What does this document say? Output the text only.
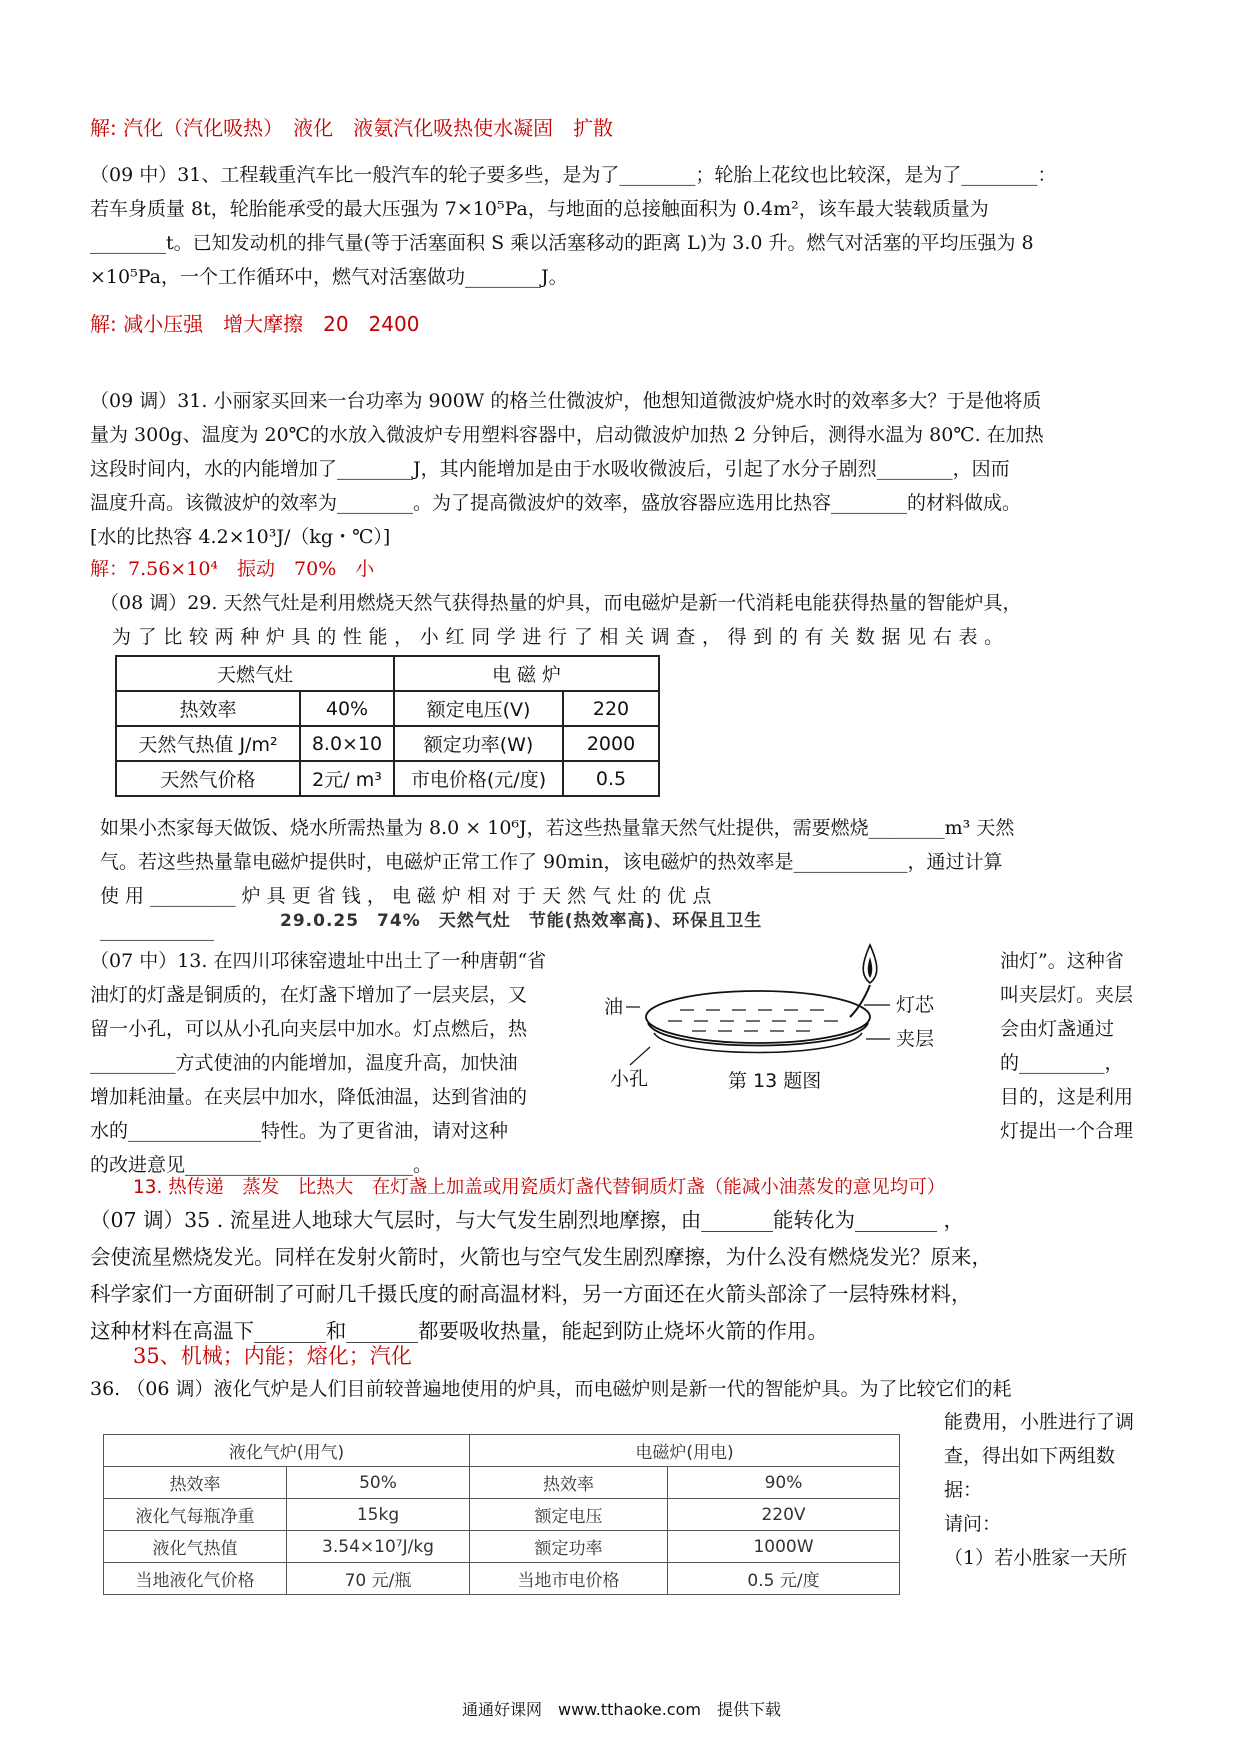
解: 汽化（汽化吸热）　液化　液氨汽化吸热使水凝固　扩散
（09 中）31、工程载重汽车比一般汽车的轮子要多些，是为了________；轮胎上花纹也比较深，是为了________：
若车身质量 8t，轮胎能承受的最大压强为 7×10⁵Pa，与地面的总接触面积为 0.4m²，该车最大装载质量为
________t。已知发动机的排气量(等于活塞面积 S 乘以活塞移动的距离 L)为 3.0 升。燃气对活塞的平均压强为 8
×10⁵Pa，一个工作循环中，燃气对活塞做功________J。
解: 减小压强　增大摩擦　20　2400
（09 调）31. 小丽家买回来一台功率为 900W 的格兰仕微波炉，他想知道微波炉烧水时的效率多大？于是他将质
量为 300g、温度为 20℃的水放入微波炉专用塑料容器中，启动微波炉加热 2 分钟后，测得水温为 80℃. 在加热
这段时间内，水的内能增加了________J，其内能增加是由于水吸收微波后，引起了水分子剧烈________，因而
温度升高。该微波炉的效率为________。为了提高微波炉的效率，盛放容器应选用比热容________的材料做成。
[水的比热容 4.2×10³J/（kg・℃）]
解：7.56×10⁴　振动　70%　小
（08 调）29. 天然气灶是利用燃烧天然气获得热量的炉具，而电磁炉是新一代消耗电能获得热量的智能炉具，
为了比较两种炉具的性能，小红同学进行了相关调查，得到的有关数据见右表。
天燃气灶		电 磁 炉	
热效率	40%	额定电压(V)	220
天然气热值 J/m²	8.0×10	额定功率(W)	2000
天然气价格	2元/ m³	市电价格(元/度)	0.5
如果小杰家每天做饭、烧水所需热量为 8.0 × 10⁶J，若这些热量靠天然气灶提供，需要燃烧________m³ 天然
气。若这些热量靠电磁炉提供时，电磁炉正常工作了 90min，该电磁炉的热效率是____________，通过计算
使 用 _________ 炉 具 更 省 钱 ， 电 磁 炉 相 对 于 天 然 气 灶 的 优 点
____________	29.0.25　74%　天然气灶　节能(热效率高)、环保且卫生
（07 中）13. 在四川邛徕窑遗址中出土了一种唐朝“省
油灯的灯盏是铜质的，在灯盏下增加了一层夹层，又
留一小孔，可以从小孔向夹层中加水。灯点燃后，热
_________方式使油的内能增加，温度升高，加快油
增加耗油量。在夹层中加水，降低油温，达到省油的
水的______________特性。为了更省油，请对这种
的改进意见________________________。
油灯”。这种省
叫夹层灯。夹层
会由灯盏通过
的_________，
目的，这是利用
灯提出一个合理
油	灯芯
夹层
小孔	第 13 题图
13. 热传递　蒸发　比热大　在灯盏上加盖或用瓷质灯盏代替铜质灯盏（能减小油蒸发的意见均可）
（07 调）35 . 流星进人地球大气层时，与大气发生剧烈地摩擦，由_______能转化为________ ，
会使流星燃烧发光。同样在发射火箭时，火箭也与空气发生剧烈摩擦，为什么没有燃烧发光？原来，
科学家们一方面研制了可耐几千摄氏度的耐高温材料，另一方面还在火箭头部涂了一层特殊材料，
这种材料在高温下_______和_______都要吸收热量，能起到防止烧坏火箭的作用。
35、机械；内能；熔化；汽化
36. （06 调）液化气炉是人们目前较普遍地使用的炉具，而电磁炉则是新一代的智能炉具。为了比较它们的耗
能费用，小胜进行了调
查，得出如下两组数
据：
请问：
（1）若小胜家一天所
液化气炉(用气)		电磁炉(用电)	
热效率	50%	热效率	90%
液化气每瓶净重	15kg	额定电压	220V
液化气热值	3.54×10⁷J/kg	额定功率	1000W
当地液化气价格	70 元/瓶	当地市电价格	0.5 元/度
通通好课网　www.tthaoke.com　提供下载
